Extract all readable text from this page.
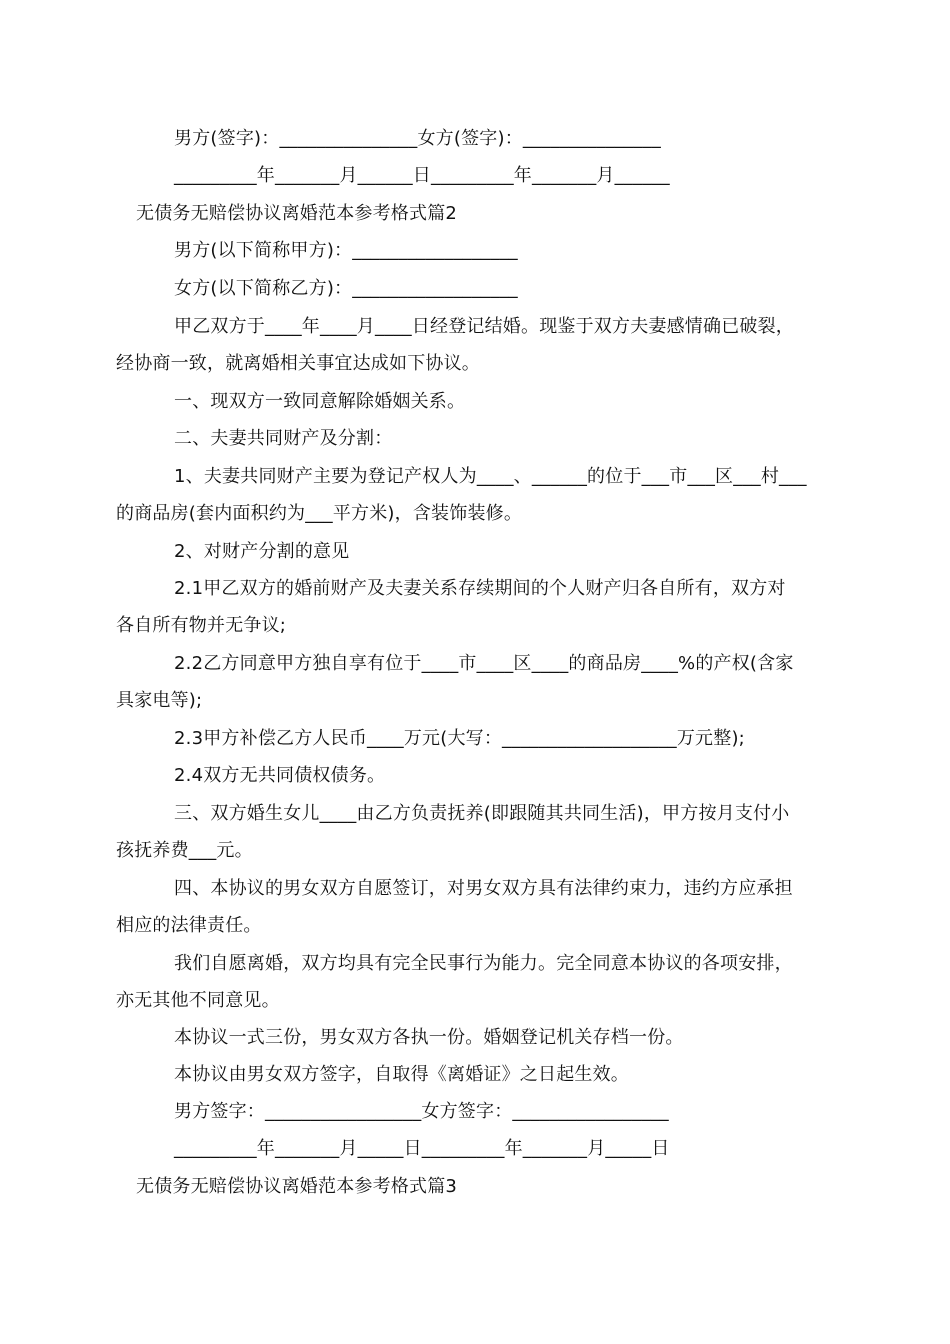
男方(签字)：_______________女方(签字)：_______________
_________年_______月______日_________年_______月______
无债务无赔偿协议离婚范本参考格式篇2
男方(以下简称甲方)：__________________
女方(以下简称乙方)：__________________
甲乙双方于____年____月____日经登记结婚。现鉴于双方夫妻感情确已破裂，
经协商一致，就离婚相关事宜达成如下协议。
一、现双方一致同意解除婚姻关系。
二、夫妻共同财产及分割：
1、夫妻共同财产主要为登记产权人为____、______的位于___市___区___村___
的商品房(套内面积约为___平方米)，含装饰装修。
2、对财产分割的意见
2.1甲乙双方的婚前财产及夫妻关系存续期间的个人财产归各自所有，双方对
各自所有物并无争议;
2.2乙方同意甲方独自享有位于____市____区____的商品房____%的产权(含家
具家电等);
2.3甲方补偿乙方人民币____万元(大写：___________________万元整);
2.4双方无共同债权债务。
三、双方婚生女儿____由乙方负责抚养(即跟随其共同生活)，甲方按月支付小
孩抚养费___元。
四、本协议的男女双方自愿签订，对男女双方具有法律约束力，违约方应承担
相应的法律责任。
我们自愿离婚，双方均具有完全民事行为能力。完全同意本协议的各项安排，
亦无其他不同意见。
本协议一式三份，男女双方各执一份。婚姻登记机关存档一份。
本协议由男女双方签字，自取得《离婚证》之日起生效。
男方签字：_________________女方签字：_________________
_________年_______月_____日_________年_______月_____日
无债务无赔偿协议离婚范本参考格式篇3
